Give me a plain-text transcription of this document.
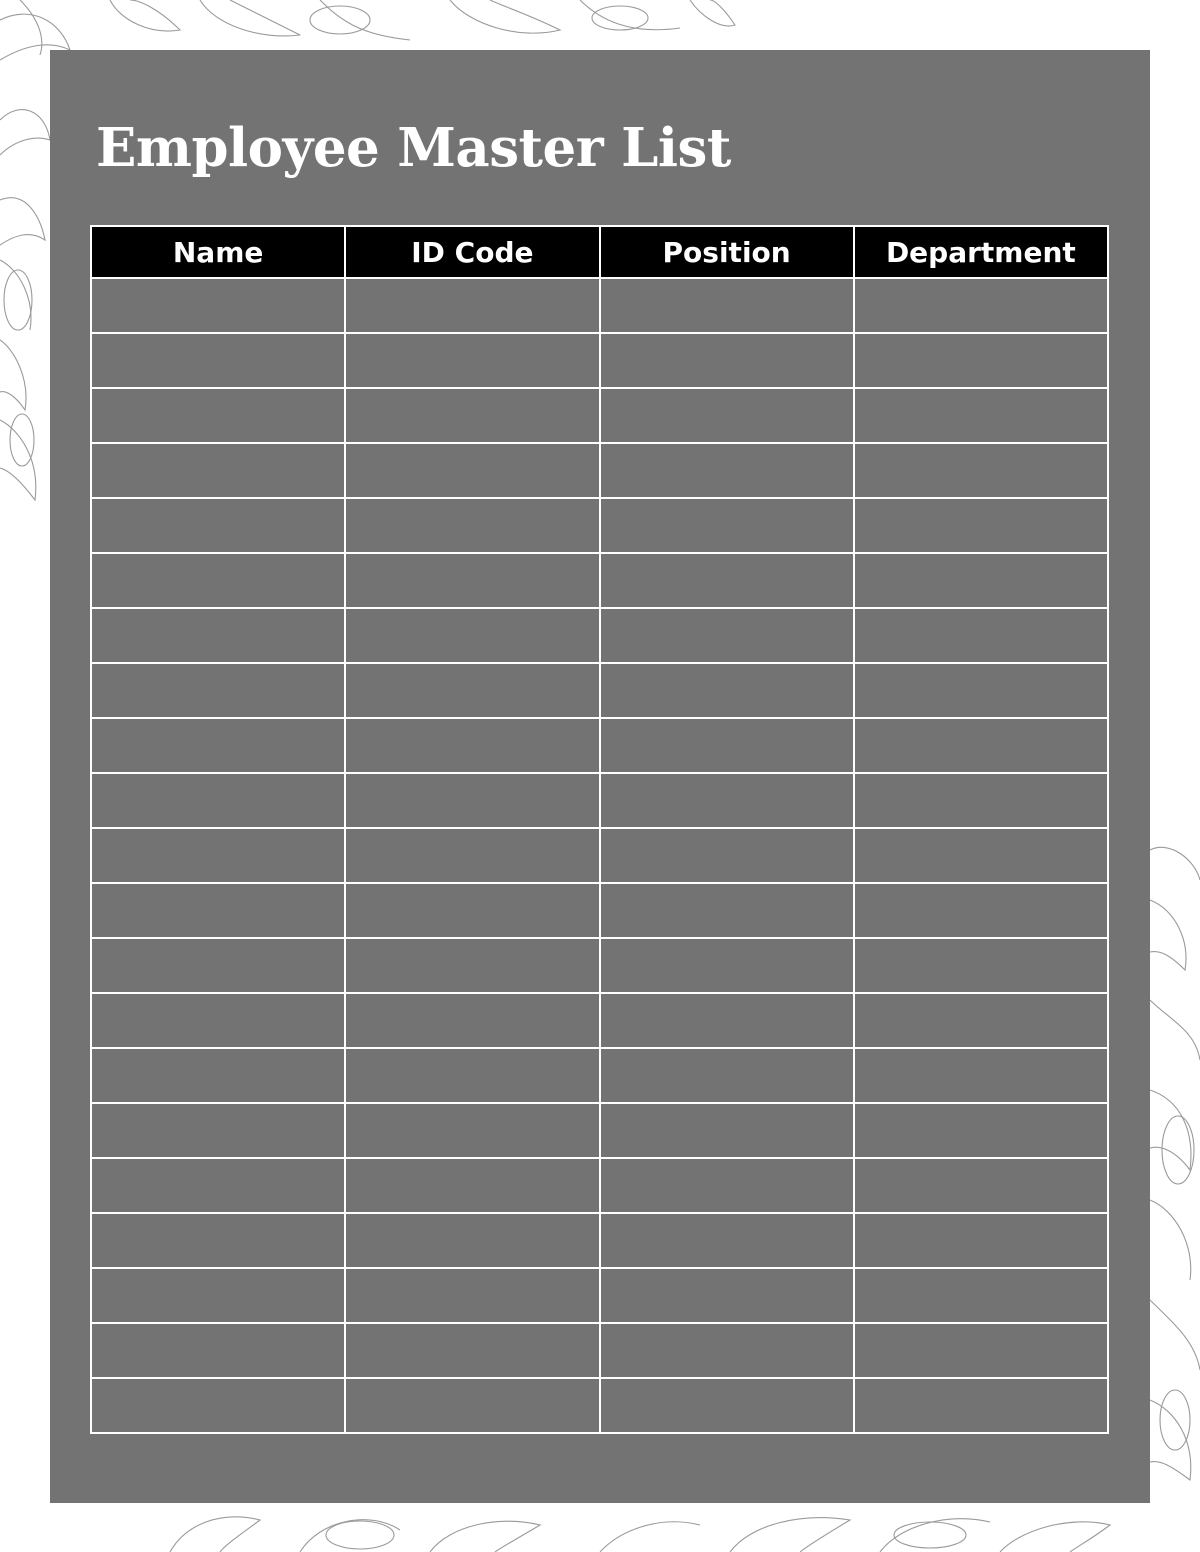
Employee Master List
Name	ID Code	Position	Department
